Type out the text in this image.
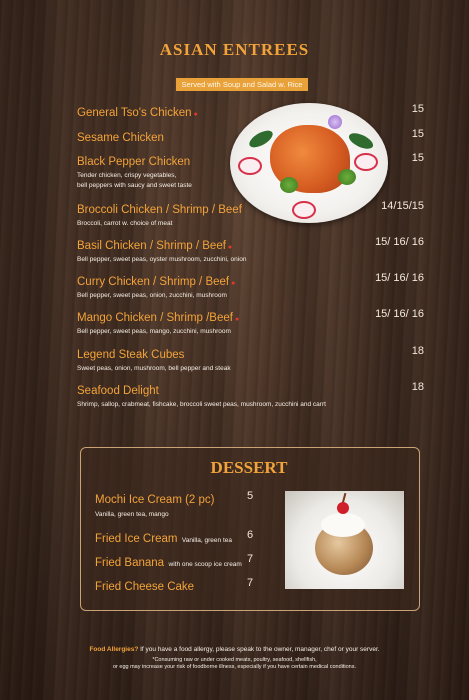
ASIAN ENTREES
Served with Soup and Salad w. Rice
General Tso's Chicken ●	15
Sesame Chicken	15
Black Pepper Chicken	15
Tender chicken, crispy vegetables,
bell peppers with saucy and sweet taste
Broccoli Chicken / Shrimp / Beef	14/15/15
Broccoli, carrot w. choice of meat
Basil Chicken / Shrimp / Beef ●	15/ 16/ 16
Bell pepper, sweet peas, oyster mushroom, zucchini, onion
Curry Chicken / Shrimp / Beef ●	15/ 16/ 16
Bell pepper, sweet peas, onion, zucchini, mushroom
Mango Chicken / Shrimp /Beef ●	15/ 16/ 16
Bell pepper, sweet peas, mango, zucchini, mushroom
Legend Steak Cubes	18
Sweet peas, onion, mushroom, bell pepper and steak
Seafood Delight	18
Shrimp, sallop, crabmeat, fishcake, broccoli sweet peas, mushroom, zucchini and carrt
DESSERT
Mochi Ice Cream (2 pc)
Vanilla, green tea, mango
5
Fried Ice Cream Vanilla, green tea 6
Fried Banana with one scoop ice cream 7
Fried Cheese Cake	7
Food Allergies? If you have a food allergy, please speak to the owner, manager, chef or your server.
*Consuming raw or under cooked meats, poultry, seafood, shellfish,
or egg may increase your risk of foodborne illness, especially if you have certain medical conditions.
